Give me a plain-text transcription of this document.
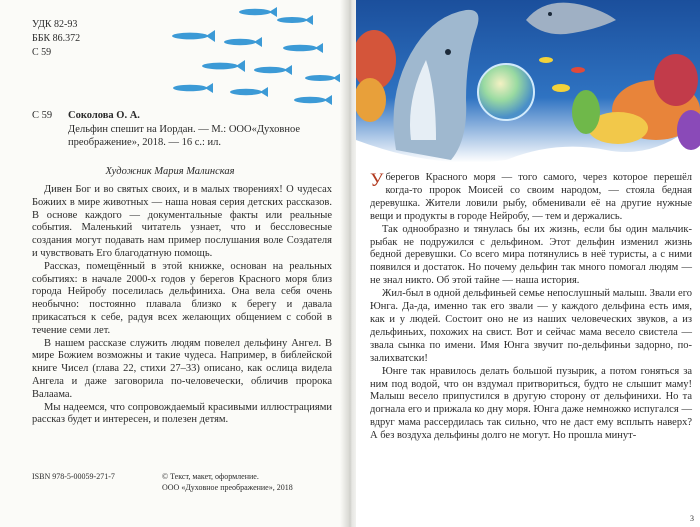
УДК 82-93
ББК 86.372
С 59
С 59 Соколова О. А.
Дельфин спешит на Иордан. — М.: ООО«Духовное преображение», 2018. — 16 с.: ил.
Художник Мария Малинская

Дивен Бог и во святых своих, и в малых творениях! О чудесах Божиих в мире животных — наша новая серия детских рассказов. В основе каждого — документальные факты или реальные события. Маленький читатель узнает, что и бессловесные создания могут подавать нам пример послушания воле Создателя и чувствовать Его благодатную помощь.

Рассказ, помещённый в этой книжке, основан на реальных событиях: в начале 2000-х годов у берегов Красного моря близ города Нейробу поселилась дельфиниха. Она вела себя очень необычно: постоянно плавала близко к берегу и давала прикасаться к себе, радуя всех желающих общением с собой в течение семи лет.

В нашем рассказе служить людям повелел дельфину Ангел. В мире Божием возможны и такие чудеса. Например, в библейской книге Чисел (глава 22, стихи 27–33) описано, как ослица видела Ангела и даже заговорила по-человечески, обличив пророка Валаама.

Мы надеемся, что сопровождаемый красивыми иллюстрациями рассказ будет и интересен, и полезен детям.

ISBN 978-5-00059-271-7	© Текст, макет, оформление.
ООО «Духовное преображение», 2018

У берегов Красного моря — того самого, через которое перешёл когда-то пророк Моисей со своим народом, — стояла бедная деревушка. Жители ловили рыбу, обменивали её на другие нужные вещи и продукты в городе Нейробу, — тем и держались.

Так однообразно и тянулась бы их жизнь, если бы один мальчик-рыбак не подружился с дельфином. Этот дельфин изменил жизнь бедной деревушки. Со всего мира потянулись в неё туристы, а с ними появился и достаток. Но почему дельфин так много помогал людям — не знал никто. Об этой тайне — наша история.

Жил-был в одной дельфиньей семье непослушный малыш. Звали его Юнга. Да-да, именно так его звали — у каждого дельфина есть имя, как и у людей. Состоит оно не из наших человеческих звуков, а из дельфиньих, похожих на свист. Вот и сейчас мама весело свистела — звала сынка по имени. Имя Юнга звучит по-дельфиньи задорно, по-залихватски!

Юнге так нравилось делать большой пузырик, а потом гоняться за ним под водой, что он вздумал притвориться, будто не слышит маму! Малыш весело припустился в другую сторону от дельфинихи. Но та догнала его и прижала ко дну моря. Юнга даже немножко испугался — вдруг мама рассердилась так сильно, что не даст ему всплыть наверх? А без воздуха дельфины долго не могут. Но прошла минут-

3
